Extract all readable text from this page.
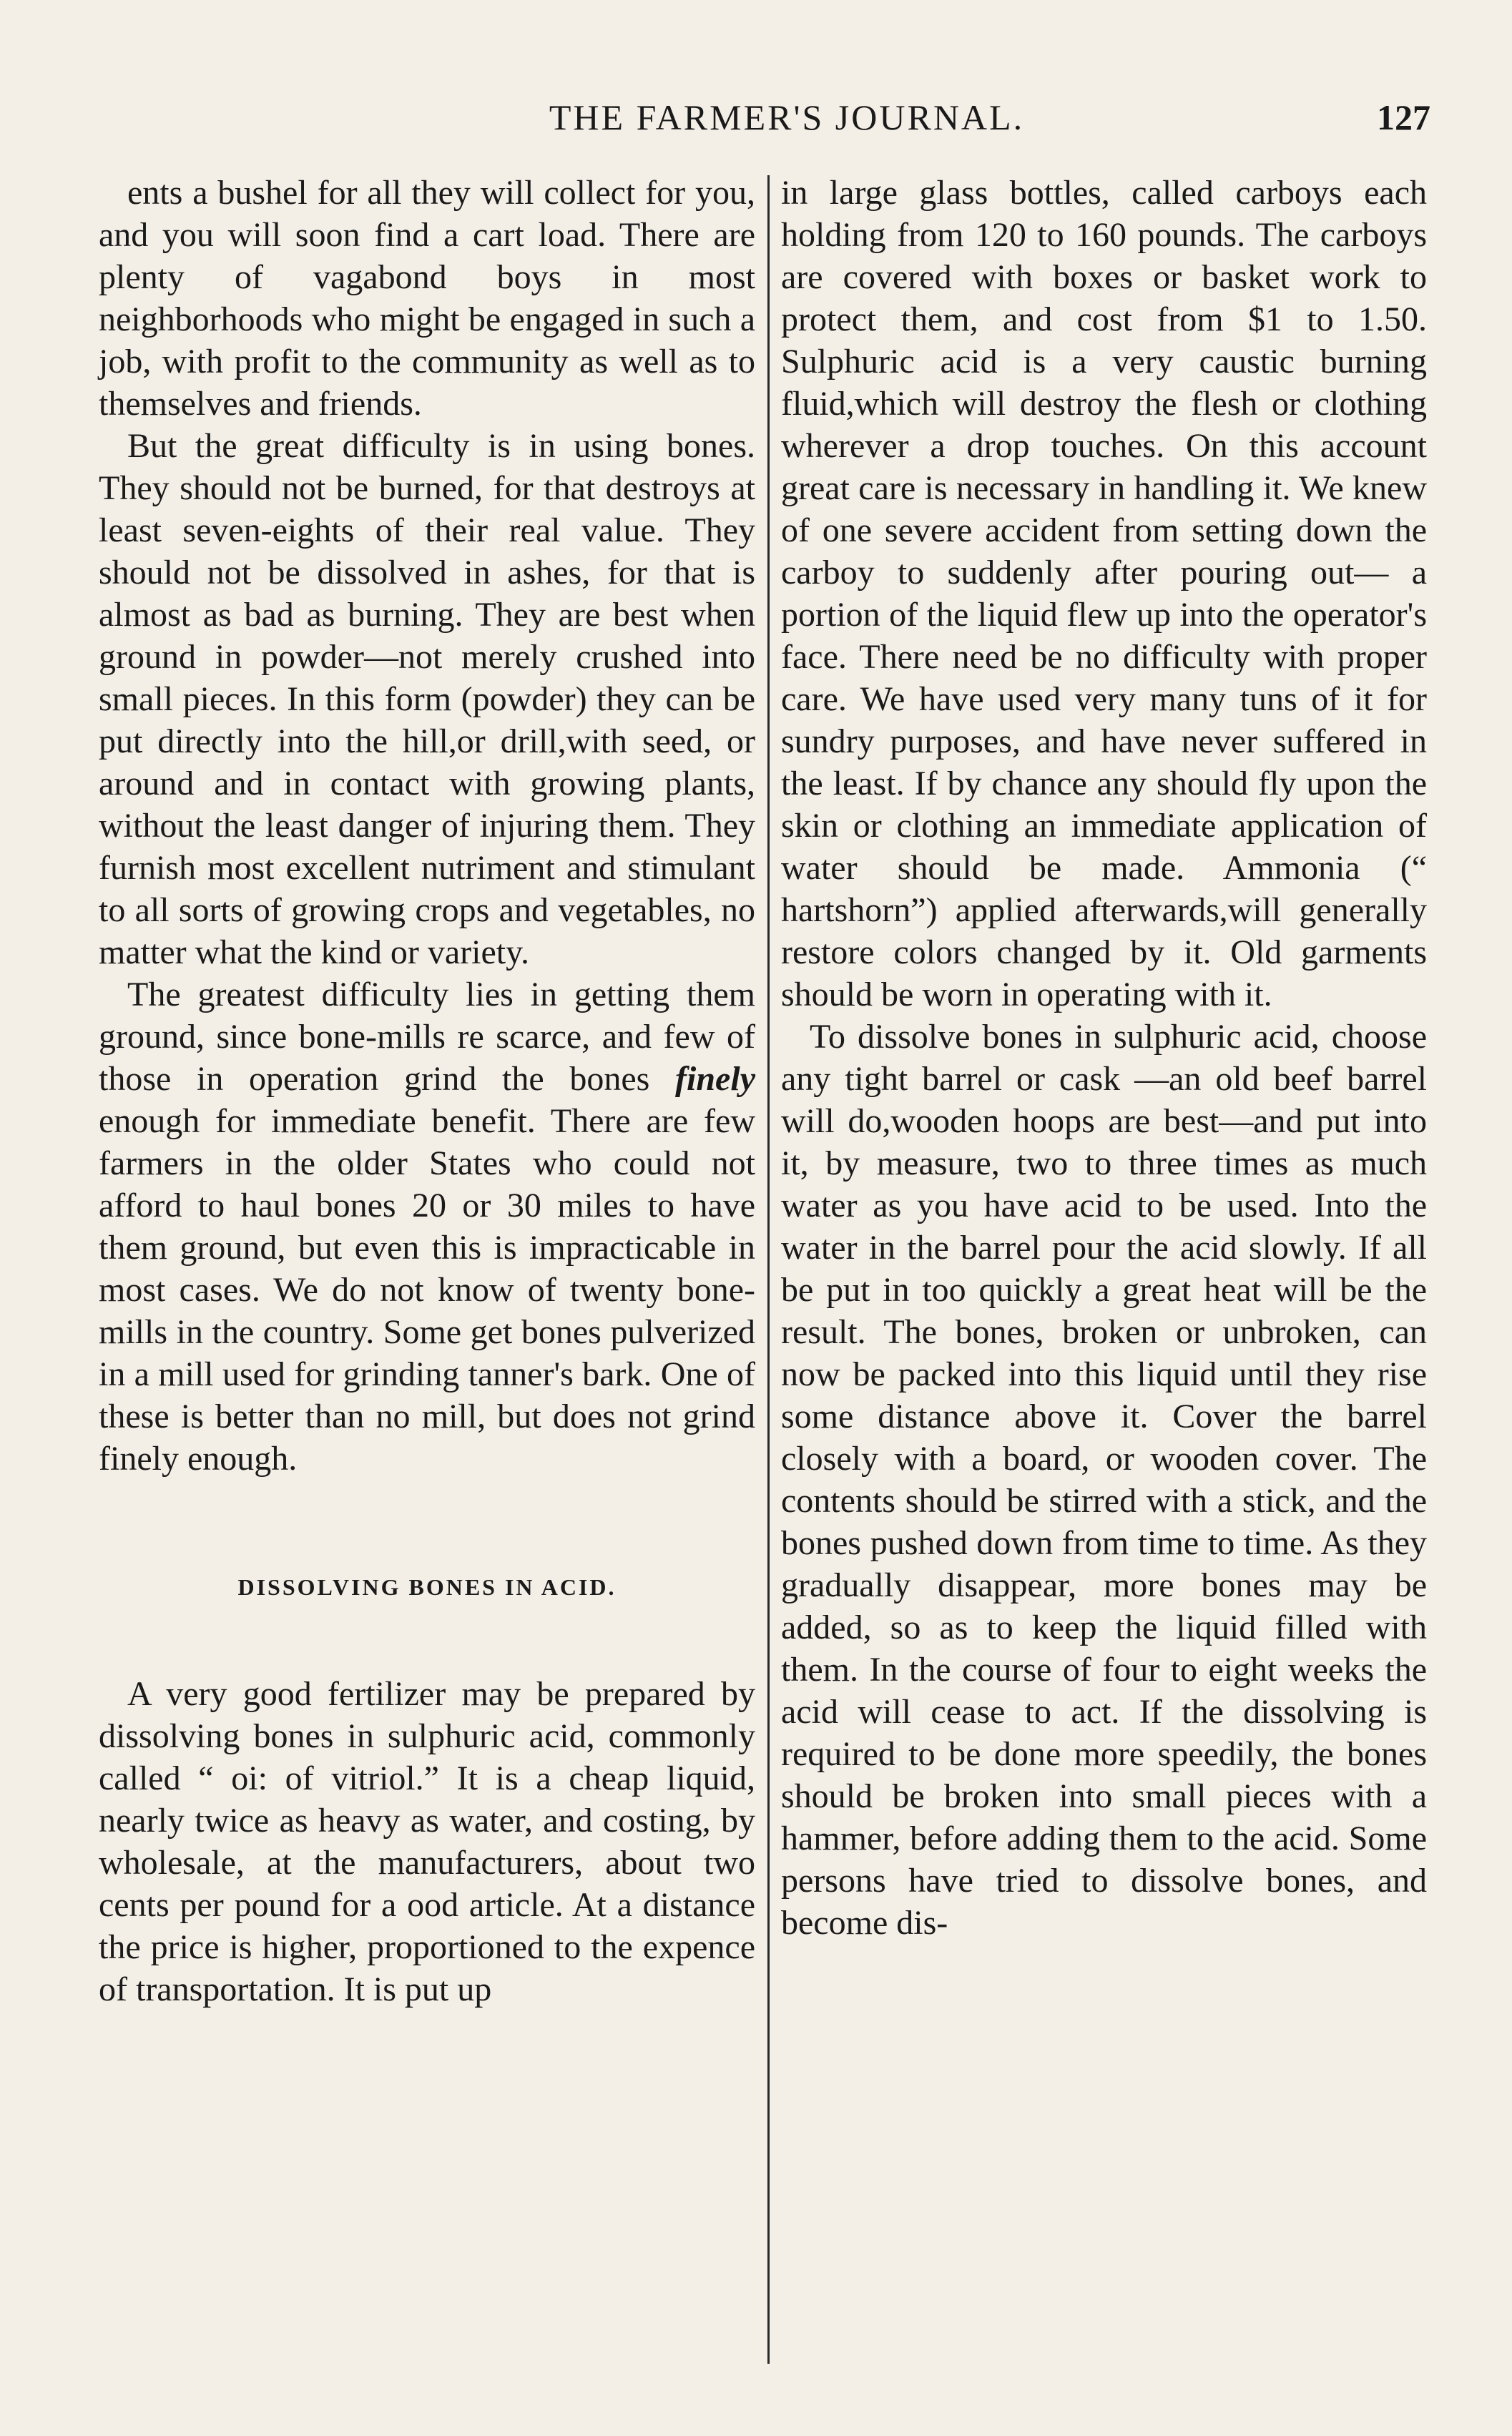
THE FARMER'S JOURNAL.	127

ents a bushel for all they will collect for you, and you will soon find a cart load. There are plenty of vagabond boys in most neighborhoods who might be engaged in such a job, with profit to the community as well as to themselves and friends.

But the great difficulty is in using bones. They should not be burned, for that destroys at least seven-eights of their real value. They should not be dissolved in ashes, for that is almost as bad as burning. They are best when ground in powder—not merely crushed into small pieces. In this form (powder) they can be put directly into the hill,or drill,with seed, or around and in contact with growing plants, without the least danger of injuring them. They furnish most excellent nutriment and stimulant to all sorts of growing crops and vegetables, no matter what the kind or variety.

The greatest difficulty lies in getting them ground, since bone-mills re scarce, and few of those in operation grind the bones finely enough for immediate benefit. There are few farmers in the older States who could not afford to haul bones 20 or 30 miles to have them ground, but even this is impracticable in most cases. We do not know of twenty bone-mills in the country. Some get bones pulverized in a mill used for grinding tanner's bark. One of these is better than no mill, but does not grind finely enough.

DISSOLVING BONES IN ACID.

A very good fertilizer may be prepared by dissolving bones in sulphuric acid, commonly called “ oi: of vitriol.” It is a cheap liquid, nearly twice as heavy as water, and costing, by wholesale, at the manufacturers, about two cents per pound for a ood article. At a distance the price is higher, proportioned to the expence of transportation. It is put up

in large glass bottles, called carboys each holding from 120 to 160 pounds. The carboys are covered with boxes or basket work to protect them, and cost from $1 to 1.50. Sulphuric acid is a very caustic burning fluid,which will destroy the flesh or clothing wherever a drop touches. On this account great care is necessary in handling it. We knew of one severe accident from setting down the carboy to suddenly after pouring out— a portion of the liquid flew up into the operator's face. There need be no difficulty with proper care. We have used very many tuns of it for sundry purposes, and have never suffered in the least. If by chance any should fly upon the skin or clothing an immediate application of water should be made. Ammonia (“ hartshorn”) applied afterwards,will generally restore colors changed by it. Old garments should be worn in operating with it.

To dissolve bones in sulphuric acid, choose any tight barrel or cask —an old beef barrel will do,wooden hoops are best—and put into it, by measure, two to three times as much water as you have acid to be used. Into the water in the barrel pour the acid slowly. If all be put in too quickly a great heat will be the result. The bones, broken or unbroken, can now be packed into this liquid until they rise some distance above it. Cover the barrel closely with a board, or wooden cover. The contents should be stirred with a stick, and the bones pushed down from time to time. As they gradually disappear, more bones may be added, so as to keep the liquid filled with them. In the course of four to eight weeks the acid will cease to act. If the dissolving is required to be done more speedily, the bones should be broken into small pieces with a hammer, before adding them to the acid. Some persons have tried to dissolve bones, and become dis-
